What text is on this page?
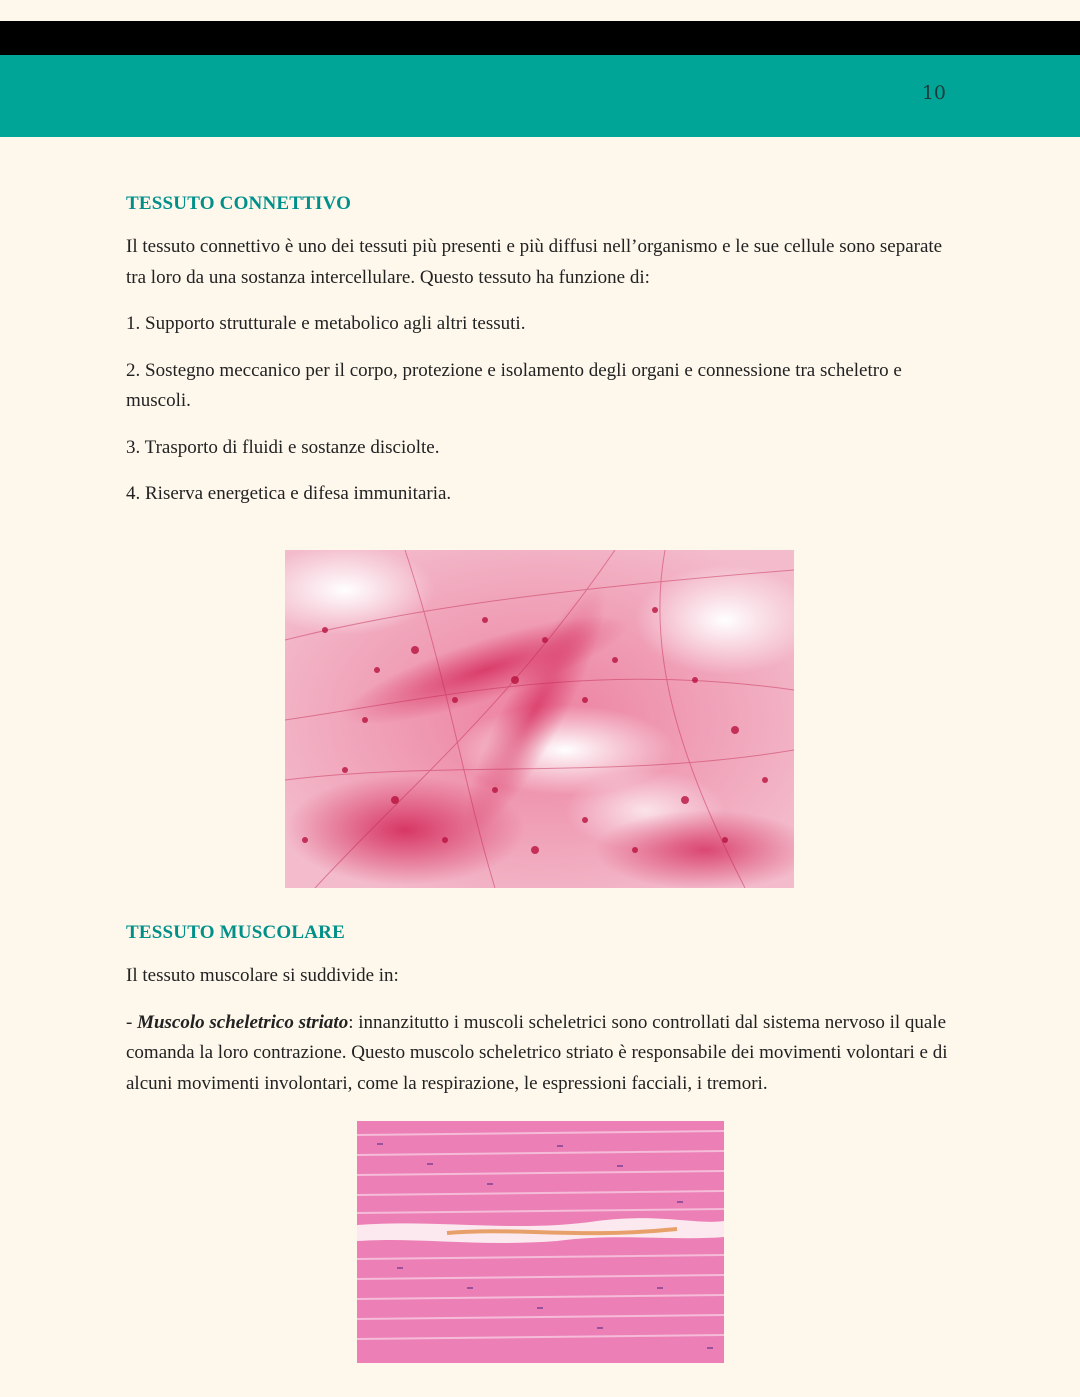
10
TESSUTO CONNETTIVO

Il tessuto connettivo è uno dei tessuti più presenti e più diffusi nell’organismo e le sue cellule sono separate tra loro da una sostanza intercellulare. Questo tessuto ha funzione di:

1. Supporto strutturale e metabolico agli altri tessuti.

2. Sostegno meccanico per il corpo, protezione e isolamento degli organi e connessione tra scheletro e muscoli.

3. Trasporto di fluidi e sostanze disciolte.

4. Riserva energetica e difesa immunitaria.

TESSUTO MUSCOLARE

Il tessuto muscolare si suddivide in:

- Muscolo scheletrico striato: innanzitutto i muscoli scheletrici sono controllati dal sistema nervoso il quale comanda la loro contrazione. Questo muscolo scheletrico striato è responsabile dei movimenti volontari e di alcuni movimenti involontari, come la respirazione, le espressioni facciali, i tremori.
